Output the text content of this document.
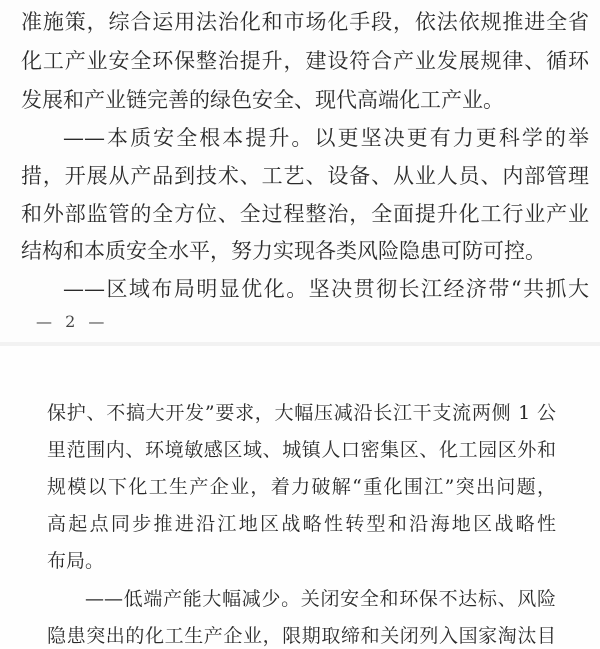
准施策，综合运用法治化和市场化手段，依法依规推进全省
化工产业安全环保整治提升，建设符合产业发展规律、循环
发展和产业链完善的绿色安全、现代高端化工产业。
——本质安全根本提升。以更坚决更有力更科学的举
措，开展从产品到技术、工艺、设备、从业人员、内部管理
和外部监管的全方位、全过程整治，全面提升化工行业产业
结构和本质安全水平，努力实现各类风险隐患可防可控。
——区域布局明显优化。坚决贯彻长江经济带“共抓大
— 2 —
保护、不搞大开发”要求，大幅压减沿长江干支流两侧 1 公
里范围内、环境敏感区域、城镇人口密集区、化工园区外和
规模以下化工生产企业，着力破解“重化围江”突出问题，
高起点同步推进沿江地区战略性转型和沿海地区战略性
布局。
——低端产能大幅减少。关闭安全和环保不达标、风险
隐患突出的化工生产企业，限期取缔和关闭列入国家淘汰目
